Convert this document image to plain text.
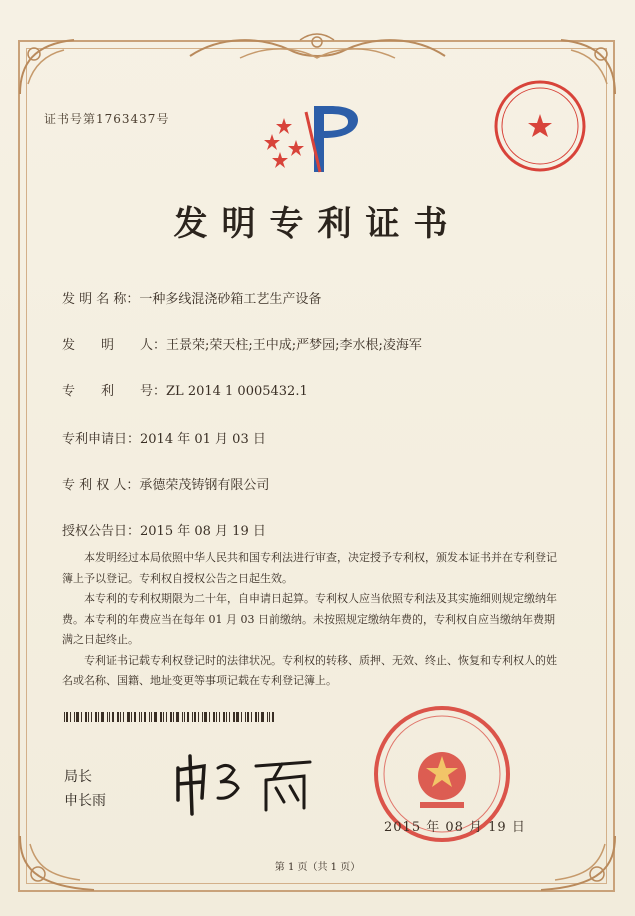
证书号第1763437号
发明专利证书
发 明 名 称：一种多线混浇砂箱工艺生产设备
发　　明　　人：王景荣;荣天柱;王中成;严梦园;李水根;凌海军
专　　利　　号：ZL 2014 1 0005432.1
专利申请日：2014 年 01 月 03 日
专 利 权 人：承德荣茂铸钢有限公司
授权公告日：2015 年 08 月 19 日

本发明经过本局依照中华人民共和国专利法进行审查，决定授予专利权，颁发本证书并在专利登记簿上予以登记。专利权自授权公告之日起生效。

本专利的专利权期限为二十年，自申请日起算。专利权人应当依照专利法及其实施细则规定缴纳年费。本专利的年费应当在每年 01 月 03 日前缴纳。未按照规定缴纳年费的，专利权自应当缴纳年费期满之日起终止。

专利证书记载专利权登记时的法律状况。专利权的转移、质押、无效、终止、恢复和专利权人的姓名或名称、国籍、地址变更等事项记载在专利登记簿上。

局长
申长雨
2015 年 08 月 19 日
第 1 页（共 1 页）
